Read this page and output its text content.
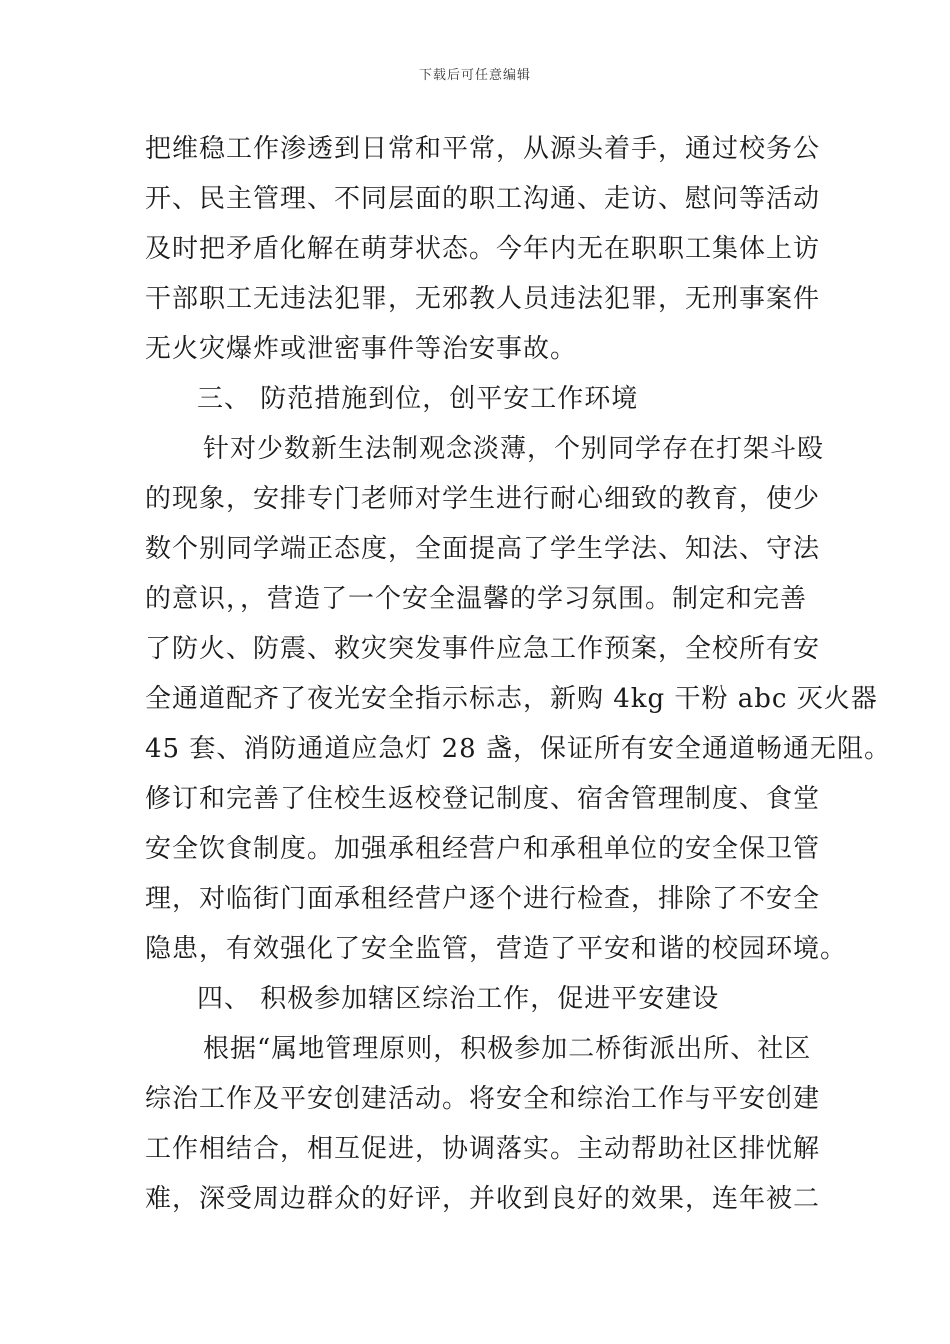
下载后可任意编辑
把维稳工作渗透到日常和平常，从源头着手，通过校务公
开、民主管理、不同层面的职工沟通、走访、慰问等活动
及时把矛盾化解在萌芽状态。今年内无在职职工集体上访
干部职工无违法犯罪，无邪教人员违法犯罪，无刑事案件
无火灾爆炸或泄密事件等治安事故。
三、 防范措施到位，创平安工作环境
针对少数新生法制观念淡薄，个别同学存在打架斗殴
的现象，安排专门老师对学生进行耐心细致的教育，使少
数个别同学端正态度，全面提高了学生学法、知法、守法
的意识，，营造了一个安全温馨的学习氛围。制定和完善
了防火、防震、救灾突发事件应急工作预案，全校所有安
全通道配齐了夜光安全指示标志，新购 4kg 干粉 abc 灭火器
45 套、消防通道应急灯 28 盏，保证所有安全通道畅通无阻。
修订和完善了住校生返校登记制度、宿舍管理制度、食堂
安全饮食制度。加强承租经营户和承租单位的安全保卫管
理，对临街门面承租经营户逐个进行检查，排除了不安全
隐患，有效强化了安全监管，营造了平安和谐的校园环境。
四、 积极参加辖区综治工作，促进平安建设
根据“属地管理原则，积极参加二桥街派出所、社区
综治工作及平安创建活动。将安全和综治工作与平安创建
工作相结合，相互促进，协调落实。主动帮助社区排忧解
难，深受周边群众的好评，并收到良好的效果，连年被二
